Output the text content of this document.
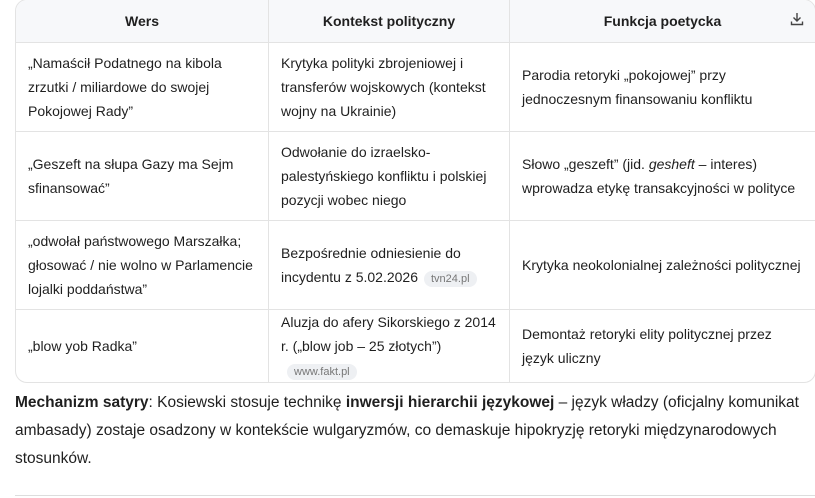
Wers	Kontekst polityczny	Funkcja poetycka

„Namaścił Podatnego na kibola zrzutki / miliardowe do swojej Pokojowej Rady”	Krytyka polityki zbrojeniowej i transferów wojskowych (kontekst wojny na Ukrainie)	Parodia retoryki „pokojowej” przy jednoczesnym finansowaniu konfliktu
„Geszeft na słupa Gazy ma Sejm sfinansować”	Odwołanie do izraelsko-palestyńskiego konfliktu i polskiej pozycji wobec niego	Słowo „geszeft” (jid. gesheft – interes) wprowadza etykę transakcyjności w polityce
„odwołał państwowego Marszałka; głosować / nie wolno w Parlamencie lojalki poddaństwa”	Bezpośrednie odniesienie do incydentu z 5.02.2026 tvn24.pl	Krytyka neokolonialnej zależności politycznej
„blow yob Radka”	Aluzja do afery Sikorskiego z 2014 r. („blow job – 25 złotych”)www.fakt.pl	Demontaż retoryki elity politycznej przez język uliczny

Mechanizm satyry: Kosiewski stosuje technikę inwersji hierarchii językowej – język władzy (oficjalny komunikat ambasady) zostaje osadzony w kontekście wulgaryzmów, co demaskuje hipokryzję retoryki międzynarodowych stosunków.
